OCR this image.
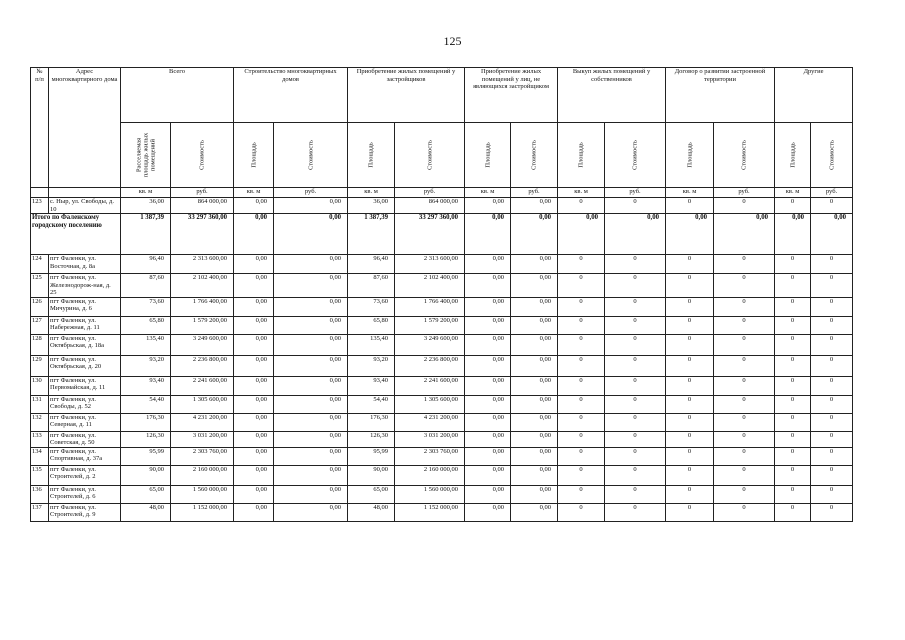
125
№ п/п	Адрес многоквартирного дома	Всего		Строительство многоквартирных домов		Приобретение жилых помещений у застройщиков		Приобретение жилых помещений у лиц, не являющихся застройщиком		Выкуп жилых помещений у собственников		Договор о развитии застроенной территории		Другие	

		Расселяемая площадь жилых помещений	Стоимость	Площадь	Стоимость	Площадь	Стоимость	Площадь	Стоимость	Площадь	Стоимость	Площадь	Стоимость	Площадь	Стоимость

		кв. м	руб.	кв. м	руб.	кв. м	руб.	кв. м	руб.	кв. м	руб.	кв. м	руб.	кв. м	руб.
123	с. Ныр, ул. Свободы, д. 10	36,00	864 000,00	0,00	0,00	36,00	864 000,00	0,00	0,00	0	0	0	0	0	0
Итого по Фаленскому городскому поселению		1 387,39	33 297 360,00	0,00	0,00	1 387,39	33 297 360,00	0,00	0,00	0,00	0,00	0,00	0,00	0,00	0,00
124	пгт Фаленки, ул. Восточная, д. 8а	96,40	2 313 600,00	0,00	0,00	96,40	2 313 600,00	0,00	0,00	0	0	0	0	0	0
125	пгт Фаленки, ул. Железнодорож-ная, д. 25	87,60	2 102 400,00	0,00	0,00	87,60	2 102 400,00	0,00	0,00	0	0	0	0	0	0
126	пгт Фаленки, ул. Мичурина, д. 6	73,60	1 766 400,00	0,00	0,00	73,60	1 766 400,00	0,00	0,00	0	0	0	0	0	0
127	пгт Фаленки, ул. Набережная, д. 11	65,80	1 579 200,00	0,00	0,00	65,80	1 579 200,00	0,00	0,00	0	0	0	0	0	0
128	пгт Фаленки, ул. Октябрьская, д. 18а	135,40	3 249 600,00	0,00	0,00	135,40	3 249 600,00	0,00	0,00	0	0	0	0	0	0
129	пгт Фаленки, ул. Октябрьская, д. 20	93,20	2 236 800,00	0,00	0,00	93,20	2 236 800,00	0,00	0,00	0	0	0	0	0	0
130	пгт Фаленки, ул. Первомайская, д. 11	93,40	2 241 600,00	0,00	0,00	93,40	2 241 600,00	0,00	0,00	0	0	0	0	0	0
131	пгт Фаленки, ул. Свободы, д. 52	54,40	1 305 600,00	0,00	0,00	54,40	1 305 600,00	0,00	0,00	0	0	0	0	0	0
132	пгт Фаленки, ул. Северная, д. 11	176,30	4 231 200,00	0,00	0,00	176,30	4 231 200,00	0,00	0,00	0	0	0	0	0	0
133	пгт Фаленки, ул. Советская, д. 50	126,30	3 031 200,00	0,00	0,00	126,30	3 031 200,00	0,00	0,00	0	0	0	0	0	0
134	пгт Фаленки, ул. Спортивная, д. 37а	95,99	2 303 760,00	0,00	0,00	95,99	2 303 760,00	0,00	0,00	0	0	0	0	0	0
135	пгт Фаленки, ул. Строителей, д. 2	90,00	2 160 000,00	0,00	0,00	90,00	2 160 000,00	0,00	0,00	0	0	0	0	0	0
136	пгт Фаленки, ул. Строителей, д. 6	65,00	1 560 000,00	0,00	0,00	65,00	1 560 000,00	0,00	0,00	0	0	0	0	0	0
137	пгт Фаленки, ул. Строителей, д. 9	48,00	1 152 000,00	0,00	0,00	48,00	1 152 000,00	0,00	0,00	0	0	0	0	0	0
